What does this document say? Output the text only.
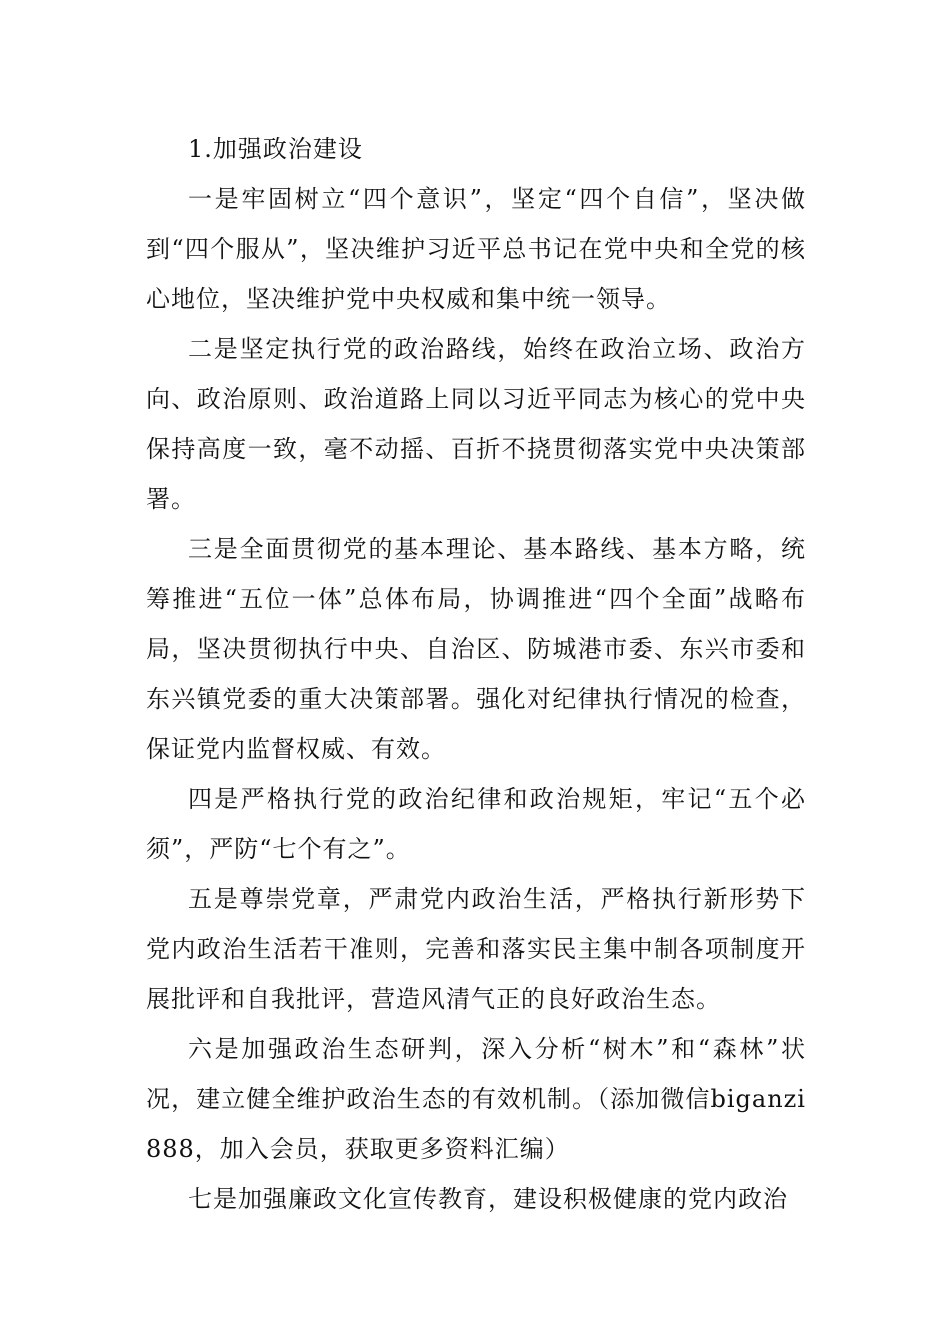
1.加强政治建设

一是牢固树立“四个意识”，坚定“四个自信”，坚决做到“四个服从”，坚决维护习近平总书记在党中央和全党的核心地位，坚决维护党中央权威和集中统一领导。

二是坚定执行党的政治路线，始终在政治立场、政治方向、政治原则、政治道路上同以习近平同志为核心的党中央保持高度一致，毫不动摇、百折不挠贯彻落实党中央决策部署。

三是全面贯彻党的基本理论、基本路线、基本方略，统筹推进“五位一体”总体布局，协调推进“四个全面”战略布局，坚决贯彻执行中央、自治区、防城港市委、东兴市委和东兴镇党委的重大决策部署。强化对纪律执行情况的检查，保证党内监督权威、有效。

四是严格执行党的政治纪律和政治规矩，牢记“五个必须”，严防“七个有之”。

五是尊崇党章，严肃党内政治生活，严格执行新形势下党内政治生活若干准则，完善和落实民主集中制各项制度开展批评和自我批评，营造风清气正的良好政治生态。

六是加强政治生态研判，深入分析“树木”和“森林”状况，建立健全维护政治生态的有效机制。（添加微信biganzi888，加入会员，获取更多资料汇编）

七是加强廉政文化宣传教育，建设积极健康的党内政治
